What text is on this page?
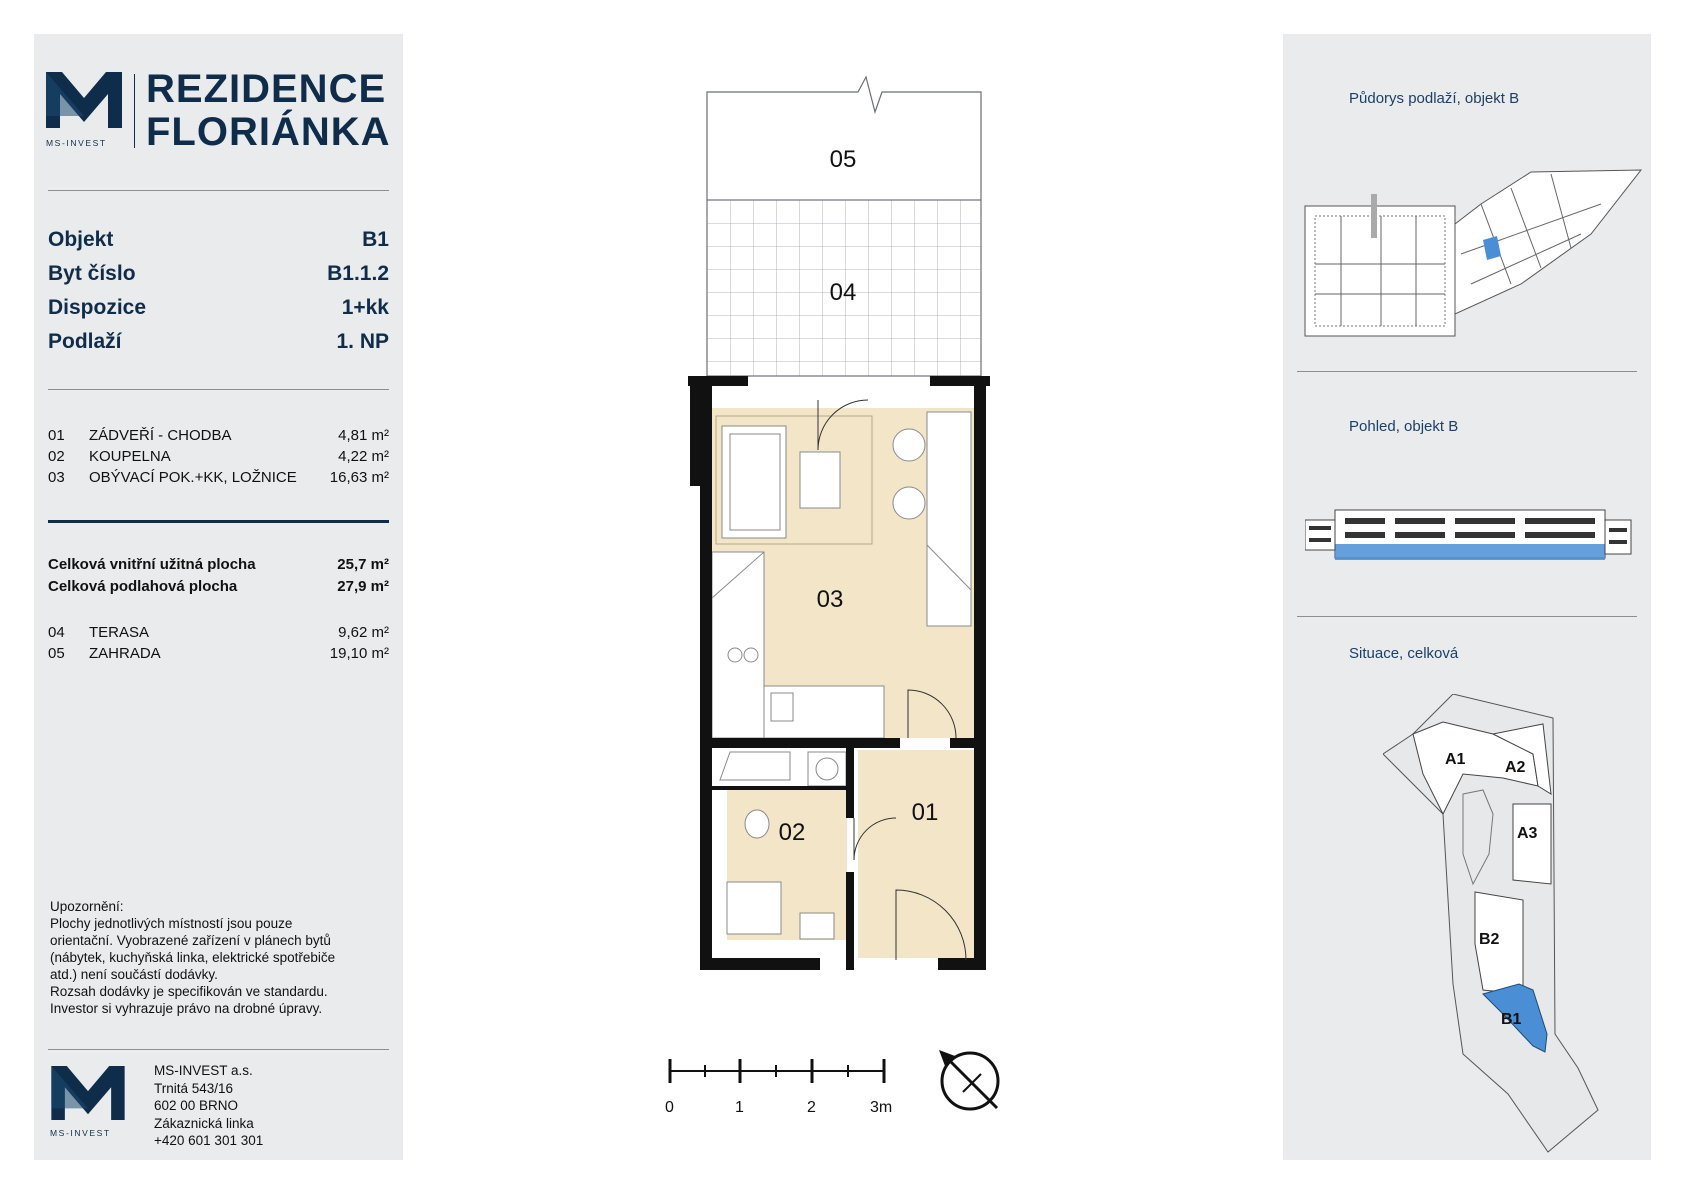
MS-INVEST
REZIDENCE
FLORIÁNKA
Objekt	B1
Byt číslo	B1.1.2
Dispozice	1+kk
Podlaží	1. NP
01 ZÁDVEŘÍ - CHODBA	4,81 m²
02 KOUPELNA	4,22 m²
03 OBÝVACÍ POK.+KK, LOŽNICE	16,63 m²
Celková vnitřní užitná plocha	25,7 m²
Celková podlahová plocha	27,9 m²
04 TERASA	9,62 m²
05 ZAHRADA	19,10 m²
Upozornění:
Plochy jednotlivých místností jsou pouze
orientační. Vyobrazené zařízení v plánech bytů
(nábytek, kuchyňská linka, elektrické spotřebiče
atd.) není součástí dodávky.
Rozsah dodávky je specifikován ve standardu.
Investor si vyhrazuje právo na drobné úpravy.
MS-INVEST
MS-INVEST a.s.
Trnitá 543/16
602 00 BRNO
Zákaznická linka
+420 601 301 301
05
04
03
02
01
0	1	2	3m
Půdorys podlaží, objekt B
Pohled, objekt B
Situace, celková
A1 A2
A3
B2
B1
